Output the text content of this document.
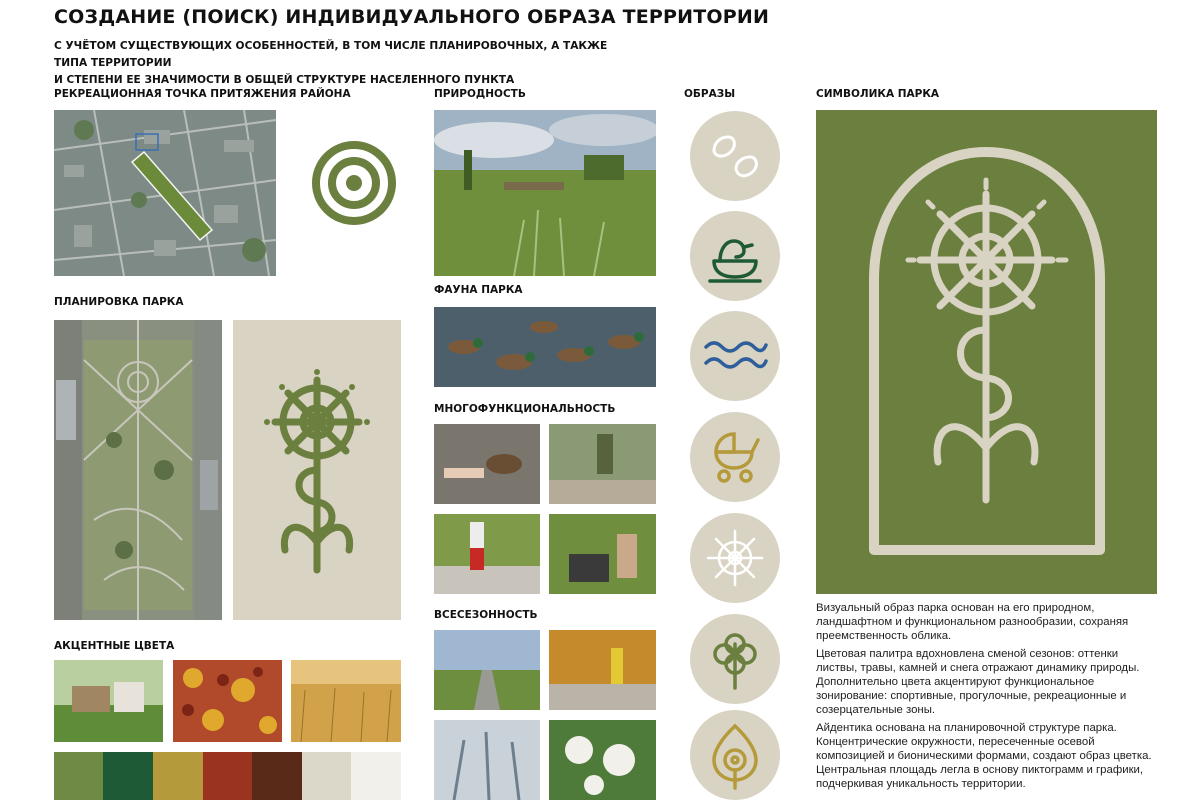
СОЗДАНИЕ (ПОИСК) ИНДИВИДУАЛЬНОГО ОБРАЗА ТЕРРИТОРИИ
С УЧЁТОМ СУЩЕСТВУЮЩИХ ОСОБЕННОСТЕЙ, В ТОМ ЧИСЛЕ ПЛАНИРОВОЧНЫХ, А ТАКЖЕ ТИПА ТЕРРИТОРИИ
И СТЕПЕНИ ЕЕ ЗНАЧИМОСТИ В ОБЩЕЙ СТРУКТУРЕ НАСЕЛЕННОГО ПУНКТА
РЕКРЕАЦИОННАЯ ТОЧКА ПРИТЯЖЕНИЯ РАЙОНА
ПЛАНИРОВКА ПАРКА
АКЦЕНТНЫЕ ЦВЕТА
ПРИРОДНОСТЬ
ФАУНА ПАРКА
МНОГОФУНКЦИОНАЛЬНОСТЬ
ВСЕСЕЗОННОСТЬ
ОБРАЗЫ	СИМВОЛИКА ПАРКА

Визуальный образ парка основан на его природном, ландшафтном и функциональном разнообразии, сохраняя преемственность облика.

Цветовая палитра вдохновлена сменой сезонов: оттенки листвы, травы, камней и снега отражают динамику природы. Дополнительно цвета акцентируют функциональное зонирование: спортивные, прогулочные, рекреационные и созерцательные зоны.

Айдентика основана на планировочной структуре парка. Концентрические окружности, пересеченные осевой композицией и бионическими формами, создают образ цветка. Центральная площадь легла в основу пиктограмм и графики, подчеркивая уникальность территории.
